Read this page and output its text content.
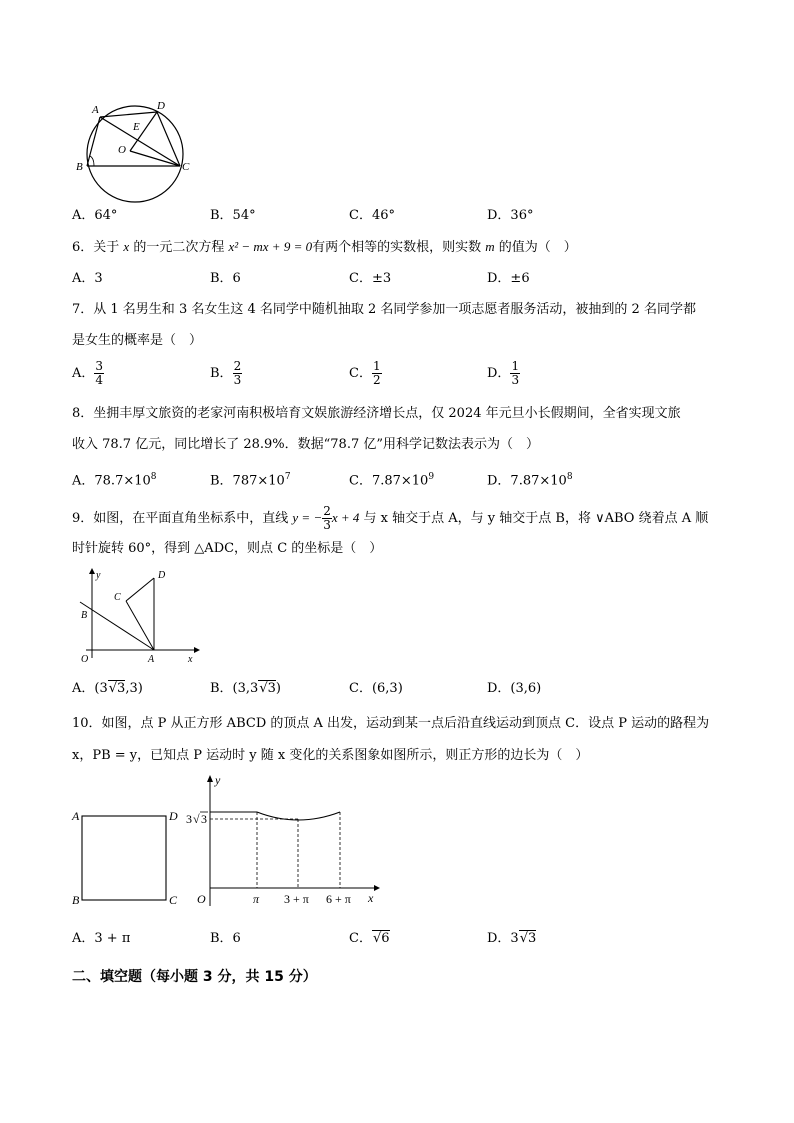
A	D
E
O
B	C
A．64°	B．54°	C．46°	D．36°
6．关于 x 的一元二次方程 x² − mx + 9 = 0有两个相等的实数根，则实数 m 的值为（　）
A．3	B．6	C．±3	D．±6
7．从 1 名男生和 3 名女生这 4 名同学中随机抽取 2 名同学参加一项志愿者服务活动，被抽到的 2 名同学都
是女生的概率是（　）
A． $\frac{3}{4}$	B． $\frac{2}{3}$	C． $\frac{1}{2}$	D． $\frac{1}{3}$
8．坐拥丰厚文旅资的老家河南积极培育文娱旅游经济增长点，仅 2024 年元旦小长假期间，全省实现文旅
收入 78.7 亿元，同比增长了 28.9%．数据“78.7 亿”用科学记数法表示为（　）
A．$78.7\times 10^8$	B．$787\times 10^7$	C．$7.87\times 10^9$	D．$7.87\times 10^8$
9．如图，在平面直角坐标系中，直线 y = − $\frac{2}{3}$ x + 4 与 x 轴交于点 A，与 y 轴交于点 B，将 ∨ABO 绕着点 A 顺
时针旋转 60°，得到 △ADC，则点 C 的坐标是（　）
y
x
O	A
B
C
D
A．(3√3,3)	B．(3,3√3)	C．(6,3)	D．(3,6)
10．如图，点 P 从正方形 ABCD 的顶点 A 出发，运动到某一点后沿直线运动到顶点 C．设点 P 运动的路程为
x，PB = y，已知点 P 运动时 y 随 x 变化的关系图象如图所示，则正方形的边长为（　）
A	D
B	C
y
x
O
3 √ 3
π 3 + π 6 + π
A．3 + π	B．6	C．√6	D．3√3
二、填空题（每小题 3 分，共 15 分）
